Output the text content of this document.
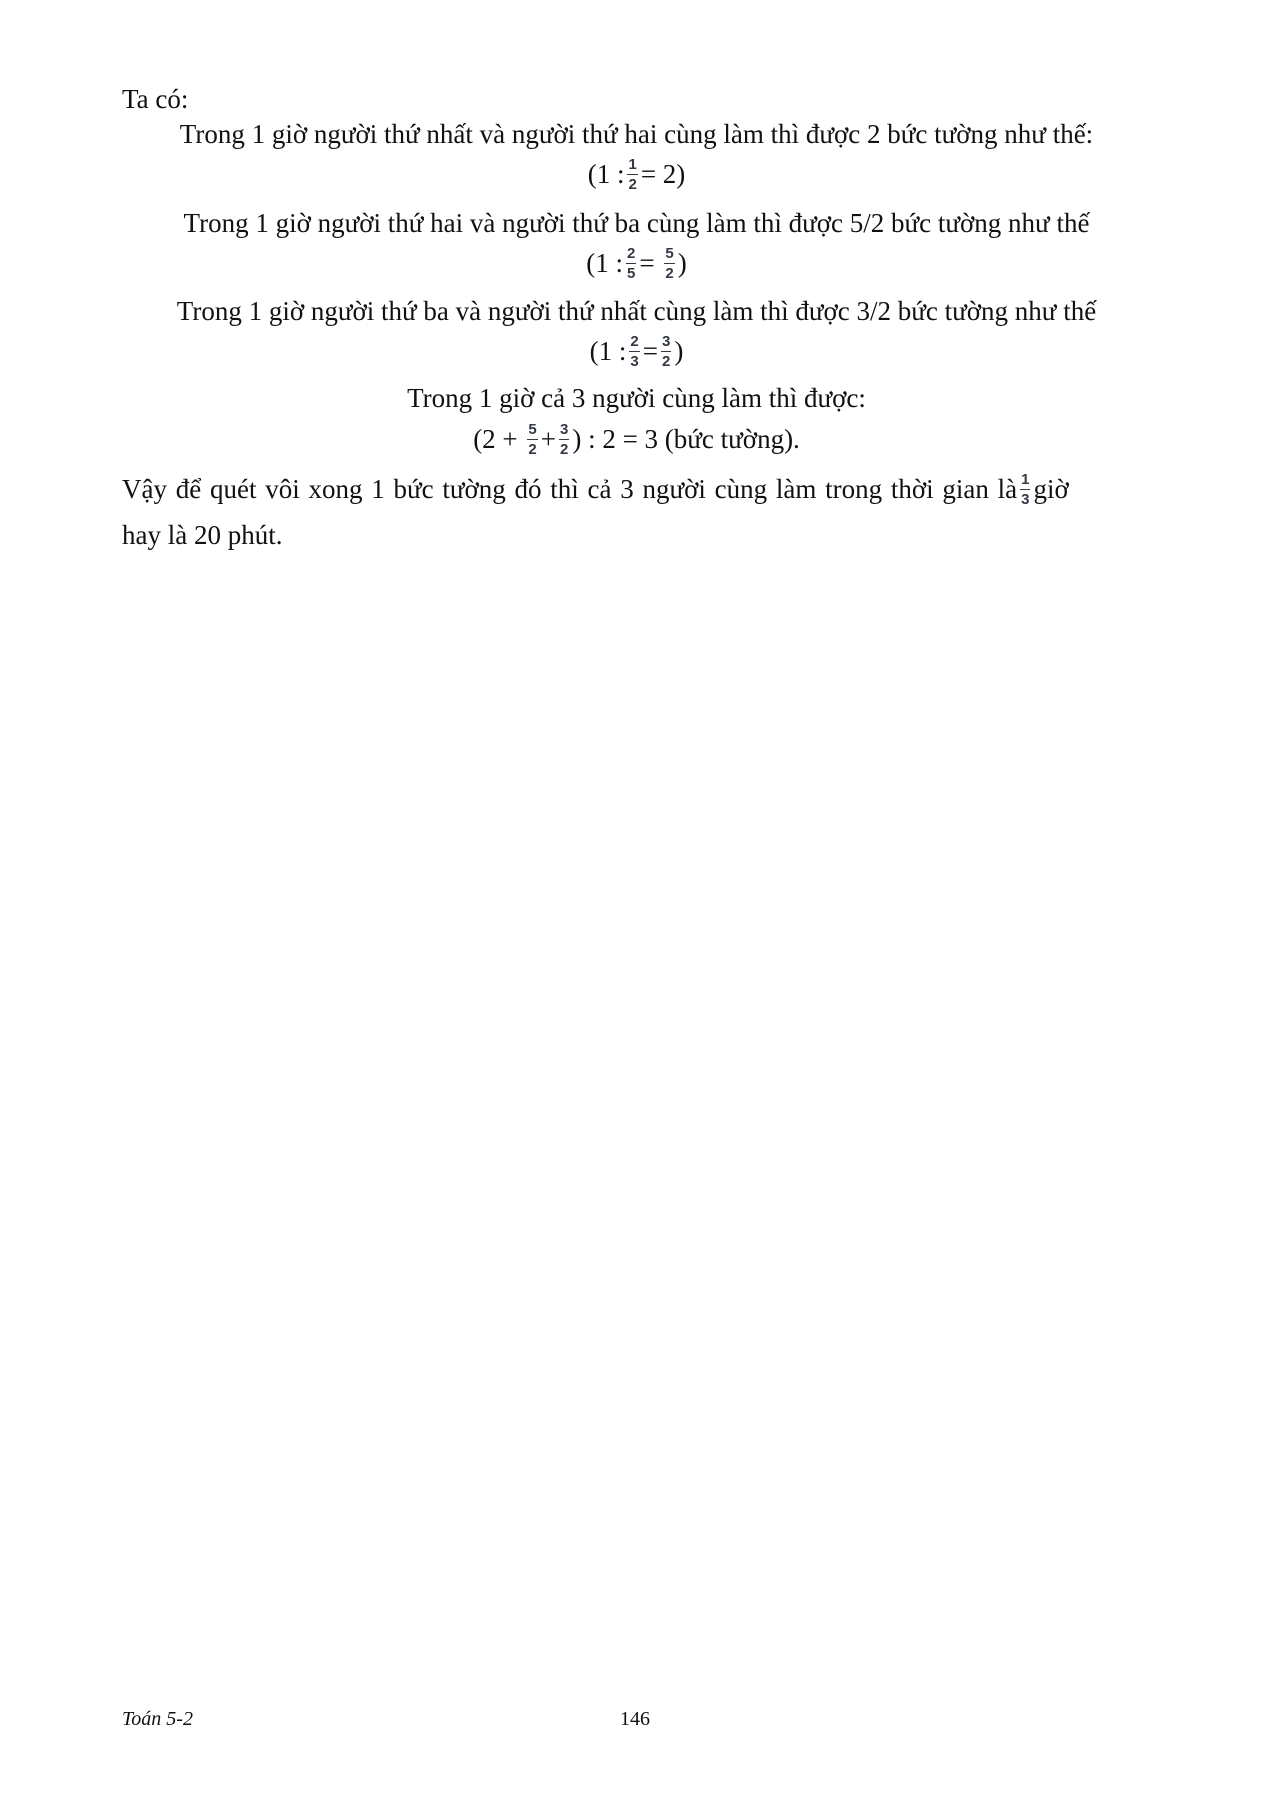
Ta có:
Trong 1 giờ người thứ nhất và người thứ hai cùng làm thì được 2 bức tường như thế:
(1 : $\frac{1}{2} = 2$)
Trong 1 giờ người thứ hai và người thứ ba cùng làm thì được 5/2 bức tường như thế
(1 : $\frac{2}{5} = \frac{5}{2}$ )
Trong 1 giờ người thứ ba và người thứ nhất cùng làm thì được 3/2 bức tường như thế
(1 : $\frac{2}{3} = \frac{3}{2}$ )
Trong 1 giờ cả 3 người cùng làm thì được:
($2 + \frac{5}{2} + \frac{3}{2}$ ) : 2 = 3 (bức tường).
Vậy để quét vôi xong 1 bức tường đó thì cả 3 người cùng làm trong thời gian là $\frac{1}{3}$ giờ
hay là 20 phút.
Toán 5-2	146
